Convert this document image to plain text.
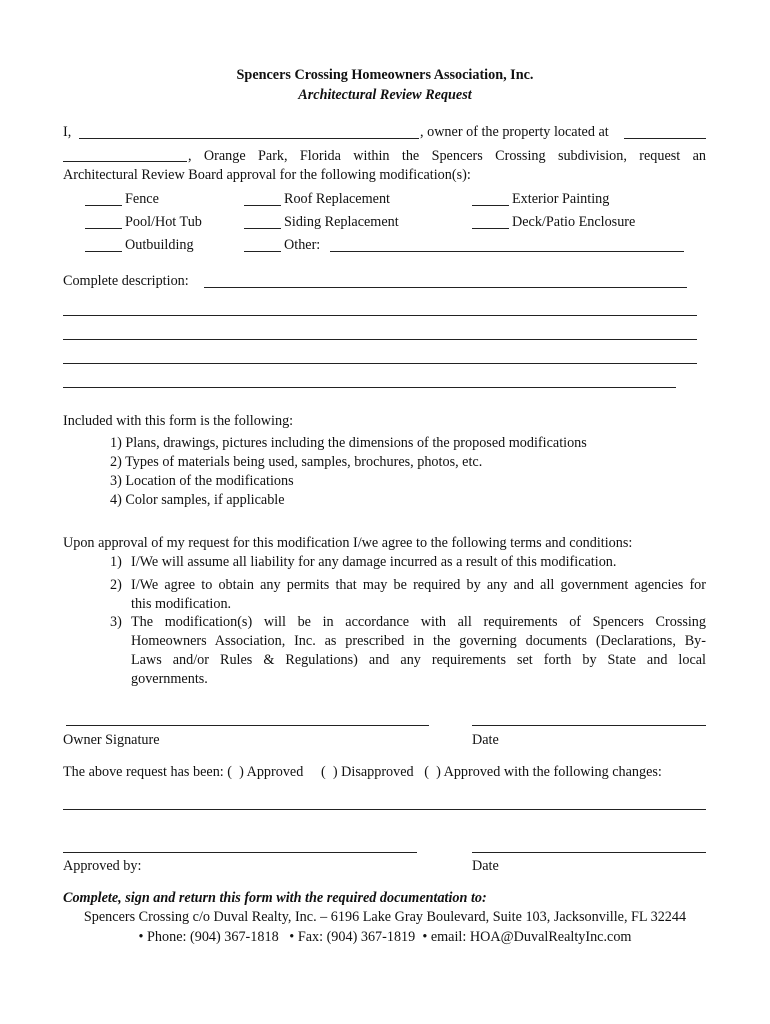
Spencers Crossing Homeowners Association, Inc.
Architectural Review Request
I,	, owner of the property located at
, Orange Park, Florida within the Spencers Crossing subdivision, request an
Architectural Review Board approval for the following modification(s):
Fence	Roof Replacement	Exterior Painting
Pool/Hot Tub	Siding Replacement	Deck/Patio Enclosure
Outbuilding	Other:
Complete description:
Included with this form is the following:
1) Plans, drawings, pictures including the dimensions of the proposed modifications
2) Types of materials being used, samples, brochures, photos, etc.
3) Location of the modifications
4) Color samples, if applicable
Upon approval of my request for this modification I/we agree to the following terms and conditions:
1) I/We will assume all liability for any damage incurred as a result of this modification.
2) I/We agree to obtain any permits that may be required by any and all government agencies for
this modification.
3) The modification(s) will be in accordance with all requirements of Spencers Crossing
Homeowners Association, Inc. as prescribed in the governing documents (Declarations, By-
Laws and/or Rules & Regulations) and any requirements set forth by State and local
governments.
Owner Signature	Date
The above request has been: (  ) Approved     (  ) Disapproved   (  ) Approved with the following changes:
Approved by:	Date
Complete, sign and return this form with the required documentation to:
Spencers Crossing c/o Duval Realty, Inc. – 6196 Lake Gray Boulevard, Suite 103, Jacksonville, FL 32244
• Phone: (904) 367-1818   • Fax: (904) 367-1819  • email: HOA@DuvalRealtyInc.com
